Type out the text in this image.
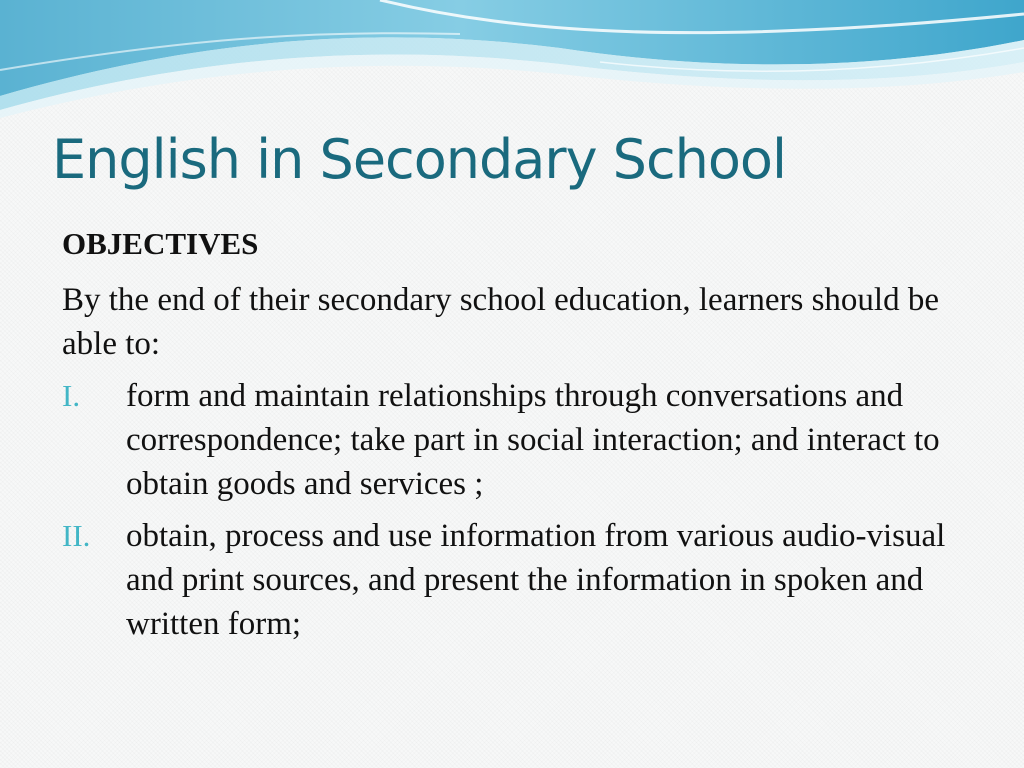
English in Secondary School
OBJECTIVES
By the end of their secondary school education, learners should be able to:
I. form and maintain relationships through conversations and correspondence; take part in social interaction; and interact to obtain goods and services ;
II. obtain, process and use information from various audio-visual and print sources, and present the information in spoken and written form;
